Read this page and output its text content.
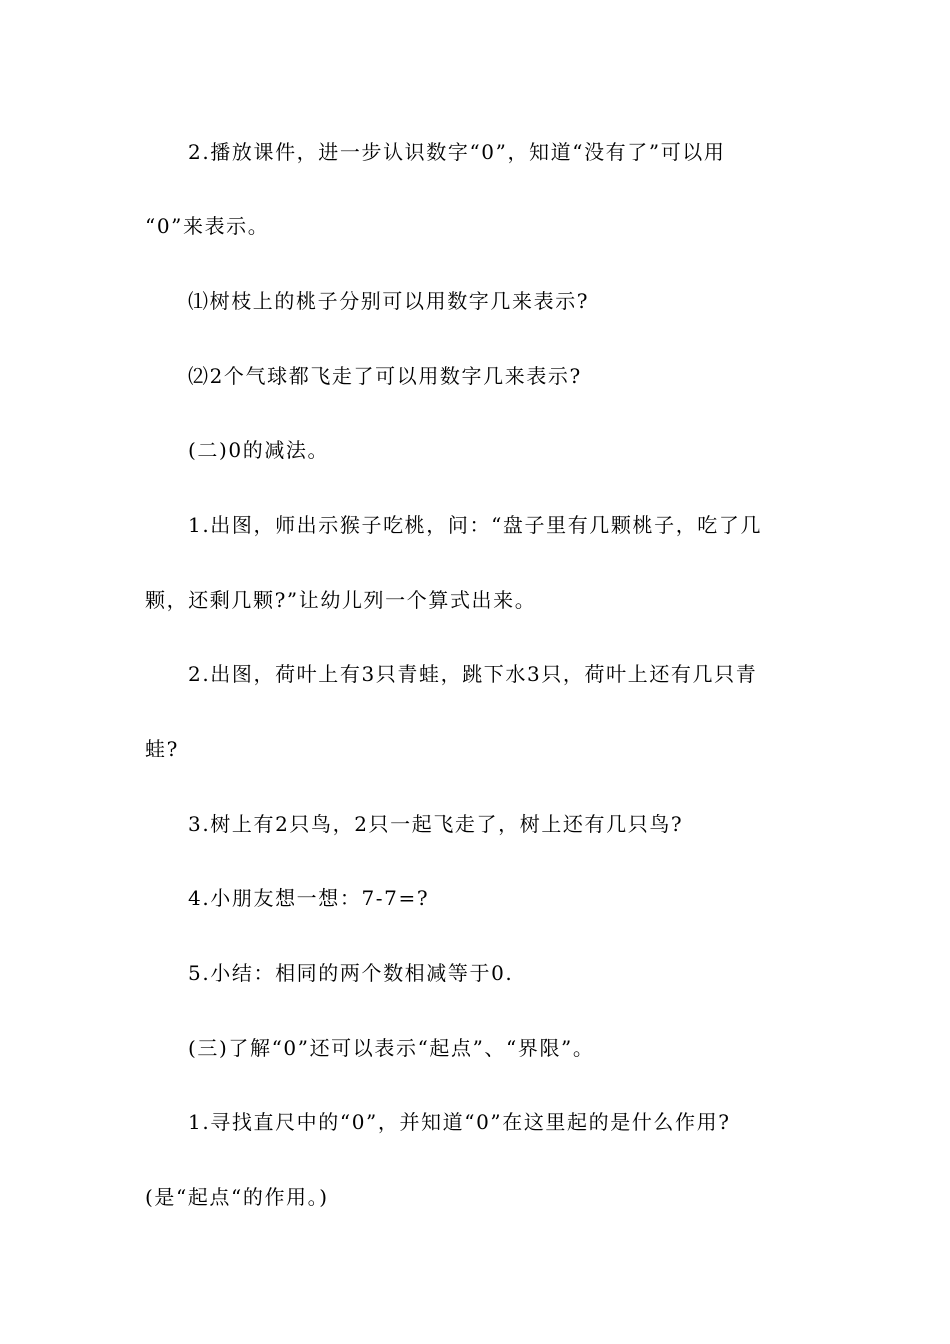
2.播放课件，进一步认识数字“0”，知道“没有了”可以用
“0”来表示。
⑴树枝上的桃子分别可以用数字几来表示?
⑵2个气球都飞走了可以用数字几来表示?
(二)0的减法。
1.出图，师出示猴子吃桃，问：“盘子里有几颗桃子，吃了几
颗，还剩几颗?”让幼儿列一个算式出来。
2.出图，荷叶上有3只青蛙，跳下水3只，荷叶上还有几只青
蛙?
3.树上有2只鸟，2只一起飞走了，树上还有几只鸟?
4.小朋友想一想：7-7=?
5.小结：相同的两个数相减等于0.
(三)了解“0”还可以表示“起点”、“界限”。
1.寻找直尺中的“0”，并知道“0”在这里起的是什么作用?
(是“起点“的作用。)
